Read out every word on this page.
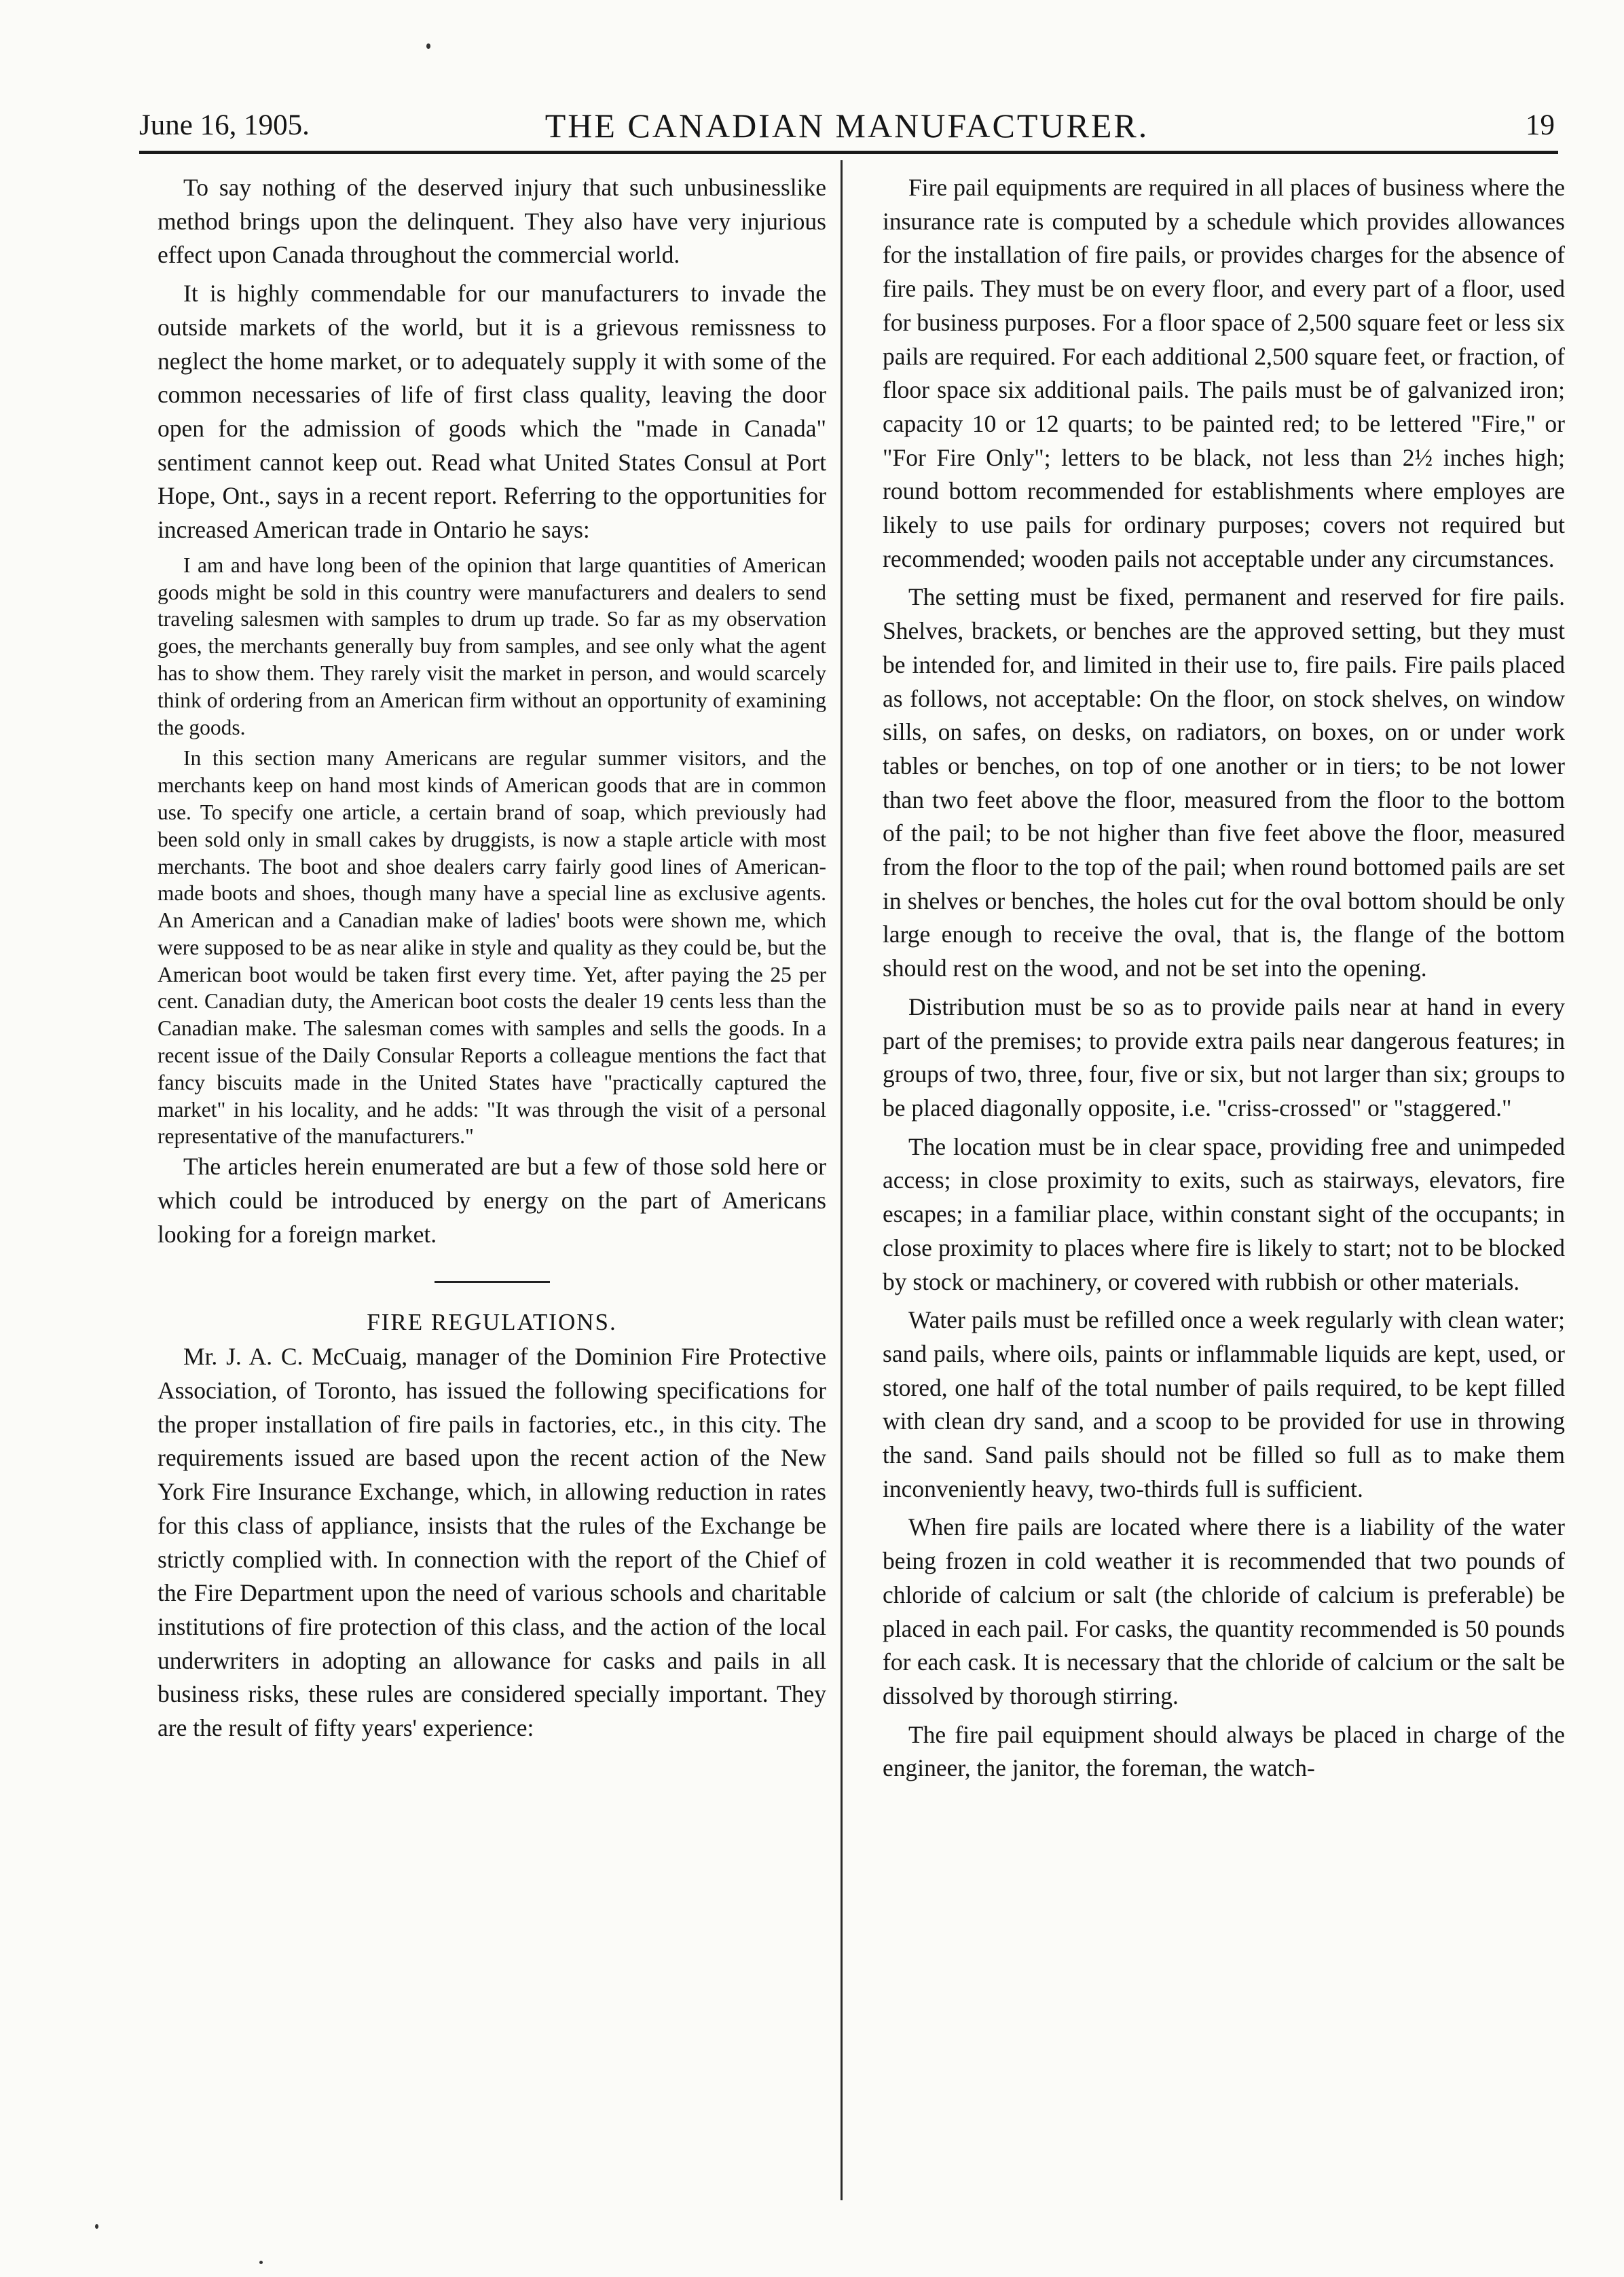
June 16, 1905.	THE CANADIAN MANUFACTURER.	19

To say nothing of the deserved injury that such unbusinesslike method brings upon the delinquent. They also have very injurious effect upon Canada throughout the commercial world.

It is highly commendable for our manufacturers to invade the outside markets of the world, but it is a grievous remissness to neglect the home market, or to adequately supply it with some of the common necessaries of life of first class quality, leaving the door open for the admission of goods which the "made in Canada" sentiment cannot keep out. Read what United States Consul at Port Hope, Ont., says in a recent report. Referring to the opportunities for increased American trade in Ontario he says:

I am and have long been of the opinion that large quantities of American goods might be sold in this country were manufacturers and dealers to send traveling salesmen with samples to drum up trade. So far as my observation goes, the merchants generally buy from samples, and see only what the agent has to show them. They rarely visit the market in person, and would scarcely think of ordering from an American firm without an opportunity of examining the goods.

In this section many Americans are regular summer visitors, and the merchants keep on hand most kinds of American goods that are in common use. To specify one article, a certain brand of soap, which previously had been sold only in small cakes by druggists, is now a staple article with most merchants. The boot and shoe dealers carry fairly good lines of American-made boots and shoes, though many have a special line as exclusive agents. An American and a Canadian make of ladies' boots were shown me, which were supposed to be as near alike in style and quality as they could be, but the American boot would be taken first every time. Yet, after paying the 25 per cent. Canadian duty, the American boot costs the dealer 19 cents less than the Canadian make. The salesman comes with samples and sells the goods. In a recent issue of the Daily Consular Reports a colleague mentions the fact that fancy biscuits made in the United States have "practically captured the market" in his locality, and he adds: "It was through the visit of a personal representative of the manufacturers."

The articles herein enumerated are but a few of those sold here or which could be introduced by energy on the part of Americans looking for a foreign market.

FIRE REGULATIONS.

Mr. J. A. C. McCuaig, manager of the Dominion Fire Protective Association, of Toronto, has issued the following specifications for the proper installation of fire pails in factories, etc., in this city. The requirements issued are based upon the recent action of the New York Fire Insurance Exchange, which, in allowing reduction in rates for this class of appliance, insists that the rules of the Exchange be strictly complied with. In connection with the report of the Chief of the Fire Department upon the need of various schools and charitable institutions of fire protection of this class, and the action of the local underwriters in adopting an allowance for casks and pails in all business risks, these rules are considered specially important. They are the result of fifty years' experience:

Fire pail equipments are required in all places of business where the insurance rate is computed by a schedule which provides allowances for the installation of fire pails, or provides charges for the absence of fire pails. They must be on every floor, and every part of a floor, used for business purposes. For a floor space of 2,500 square feet or less six pails are required. For each additional 2,500 square feet, or fraction, of floor space six additional pails. The pails must be of galvanized iron; capacity 10 or 12 quarts; to be painted red; to be lettered "Fire," or "For Fire Only"; letters to be black, not less than 2½ inches high; round bottom recommended for establishments where employes are likely to use pails for ordinary purposes; covers not required but recommended; wooden pails not acceptable under any circumstances.

The setting must be fixed, permanent and reserved for fire pails. Shelves, brackets, or benches are the approved setting, but they must be intended for, and limited in their use to, fire pails. Fire pails placed as follows, not acceptable: On the floor, on stock shelves, on window sills, on safes, on desks, on radiators, on boxes, on or under work tables or benches, on top of one another or in tiers; to be not lower than two feet above the floor, measured from the floor to the bottom of the pail; to be not higher than five feet above the floor, measured from the floor to the top of the pail; when round bottomed pails are set in shelves or benches, the holes cut for the oval bottom should be only large enough to receive the oval, that is, the flange of the bottom should rest on the wood, and not be set into the opening.

Distribution must be so as to provide pails near at hand in every part of the premises; to provide extra pails near dangerous features; in groups of two, three, four, five or six, but not larger than six; groups to be placed diagonally opposite, i.e. "criss-crossed" or "staggered."

The location must be in clear space, providing free and unimpeded access; in close proximity to exits, such as stairways, elevators, fire escapes; in a familiar place, within constant sight of the occupants; in close proximity to places where fire is likely to start; not to be blocked by stock or machinery, or covered with rubbish or other materials.

Water pails must be refilled once a week regularly with clean water; sand pails, where oils, paints or inflammable liquids are kept, used, or stored, one half of the total number of pails required, to be kept filled with clean dry sand, and a scoop to be provided for use in throwing the sand. Sand pails should not be filled so full as to make them inconveniently heavy, two-thirds full is sufficient.

When fire pails are located where there is a liability of the water being frozen in cold weather it is recommended that two pounds of chloride of calcium or salt (the chloride of calcium is preferable) be placed in each pail. For casks, the quantity recommended is 50 pounds for each cask. It is necessary that the chloride of calcium or the salt be dissolved by thorough stirring.

The fire pail equipment should always be placed in charge of the engineer, the janitor, the foreman, the watch-
